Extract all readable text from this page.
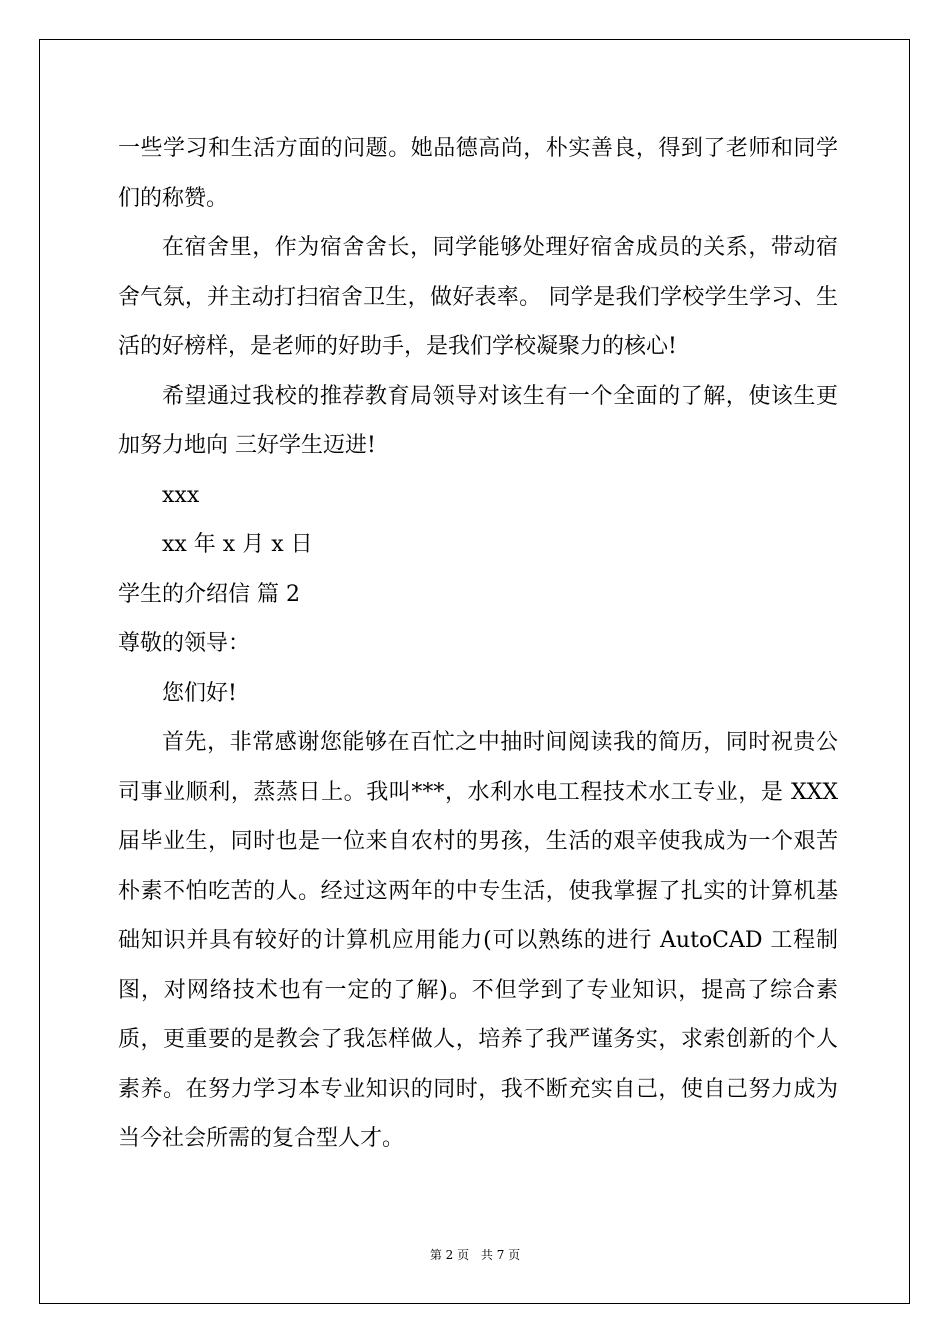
一些学习和生活方面的问题。她品德高尚，朴实善良，得到了老师和同学们的称赞。

在宿舍里，作为宿舍舍长，同学能够处理好宿舍成员的关系，带动宿舍气氛，并主动打扫宿舍卫生，做好表率。 同学是我们学校学生学习、生活的好榜样，是老师的好助手，是我们学校凝聚力的核心!

希望通过我校的推荐教育局领导对该生有一个全面的了解，使该生更加努力地向 三好学生迈进!

xxx

xx 年 x 月 x 日

学生的介绍信 篇 2

尊敬的领导：

您们好!

首先，非常感谢您能够在百忙之中抽时间阅读我的简历，同时祝贵公司事业顺利，蒸蒸日上。我叫***，水利水电工程技术水工专业，是 XXX 届毕业生，同时也是一位来自农村的男孩，生活的艰辛使我成为一个艰苦朴素不怕吃苦的人。经过这两年的中专生活，使我掌握了扎实的计算机基础知识并具有较好的计算机应用能力(可以熟练的进行 AutoCAD 工程制图，对网络技术也有一定的了解)。不但学到了专业知识，提高了综合素质，更重要的是教会了我怎样做人，培养了我严谨务实，求索创新的个人素养。在努力学习本专业知识的同时，我不断充实自己，使自己努力成为当今社会所需的复合型人才。

第 2 页 共 7 页
